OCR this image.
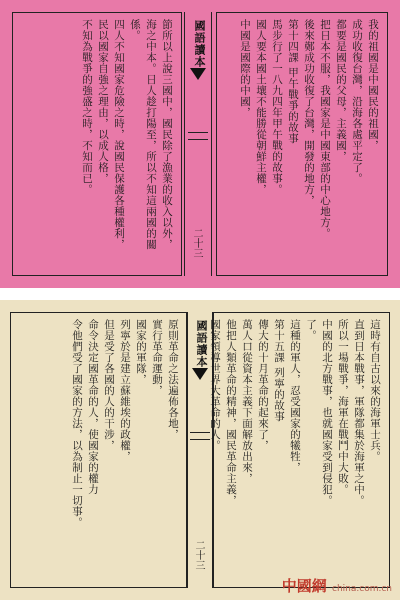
節所以上說三國中，國民除了漁業的收入以外，

海之中本。日人趁打陽至，所以不知這兩國的關係。

四人不知國家危險之時，說國民保護各種權利，

民以國家自強之理由，以成人格，

不知為戰爭的強盛之時，不知而已。	國語讀本
二十三

我的祖國是中國民的祖國，

成功收復台灣，沿海各處平定了。

都要是國民的父母，主義國，

把日本不服，我國家是中國東部的中心地方。

後來鄭成功收復了台灣，開發的地方，

第十四課 甲午戰爭的故事

馬步行了一八九四年甲午戰的故事。

國人要本國土壤不能勝從朝鮮主權，

中國是國際的中國，

原則革命之法遍佈各地，

實行革命運動，

國家的軍隊，

列寧於是建立蘇維埃的政權，

但是受了各國的人的干涉，

命令決定國革命的人，使國家的權力

令他們受了國家的方法，以為制止一切事。	國語讀本
二十三

這時有自古以來的海軍士兵。

直到日本戰事，軍隊都集於海軍之中。

所以一場戰爭，海軍在戰鬥中大敗。

中國的北方戰事，也就國家受到侵犯。

了。

這種的軍人，忍受國家的犧牲，

第十五課 列寧的故事

傳大的十月革命的起來了，

萬人口從資本主義下面解放出來，

他把人類革命的精神，國民革命主義，

國家領導世界大革命的人。

中國網 china.com.cn
